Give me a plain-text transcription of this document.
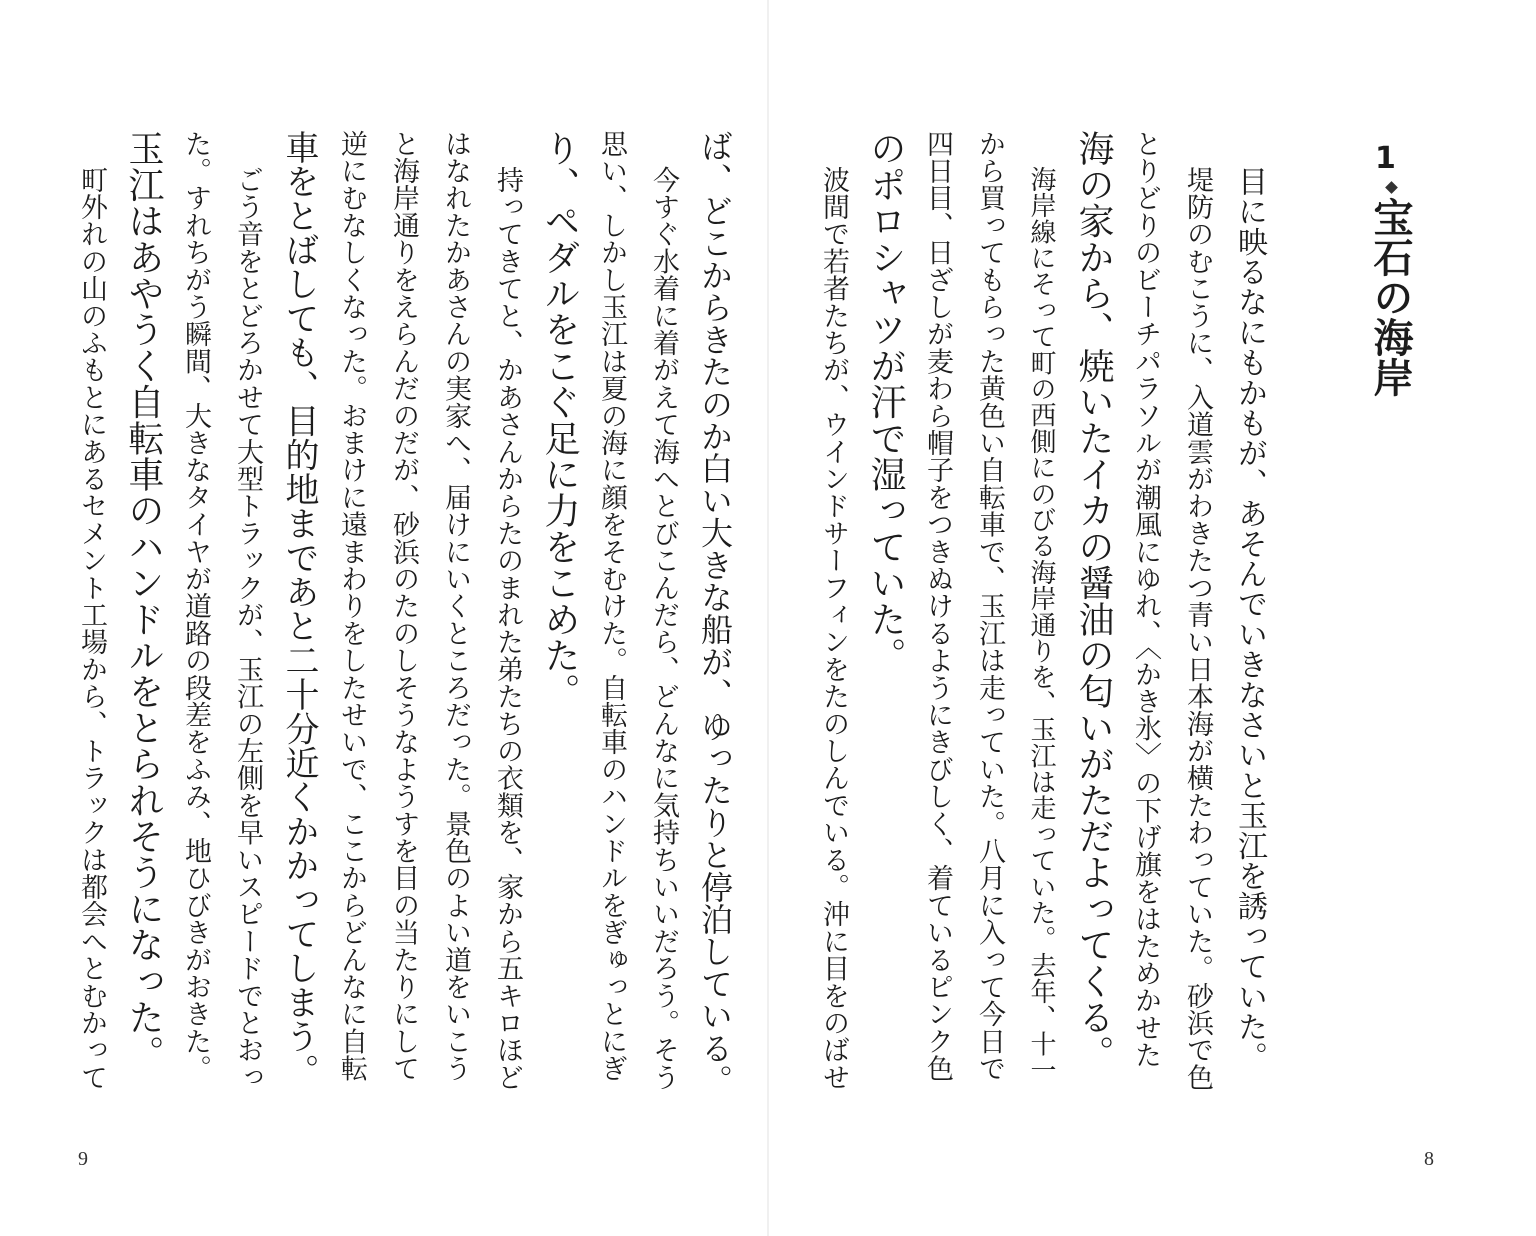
目に映るなにもかもが、あそんでいきなさいと玉江を誘っていた。
堤防のむこうに、入道雲がわきたつ青い日本海が横たわっていた。砂浜で色
とりどりのビーチパラソルが潮風にゆれ、〈かき氷〉の下げ旗をはためかせた
海の家から、焼いたイカの醤油の匂いがただよってくる。
海岸線にそって町の西側にのびる海岸通りを、玉江は走っていた。去年、十一
から買ってもらった黄色い自転車で、玉江は走っていた。八月に入って今日で
四日目、日ざしが麦わら帽子をつきぬけるようにきびしく、着ているピンク色
のポロシャツが汗で湿っていた。
波間で若者たちが、ウインドサーフィンをたのしんでいる。沖に目をのばせ
8
1
宝石の海岸
ば、どこからきたのか白い大きな船が、ゆったりと停泊している。
今すぐ水着に着がえて海へとびこんだら、どんなに気持ちいいだろう。そう
思い、しかし玉江は夏の海に顔をそむけた。自転車のハンドルをぎゅっとにぎ
り、ペダルをこぐ足に力をこめた。
持ってきてと、かあさんからたのまれた弟たちの衣類を、家から五キロほど
はなれたかあさんの実家へ、届けにいくところだった。景色のよい道をいこう
と海岸通りをえらんだのだが、砂浜のたのしそうなようすを目の当たりにして
逆にむなしくなった。おまけに遠まわりをしたせいで、ここからどんなに自転
車をとばしても、目的地まであと二十分近くかかってしまう。
ごう音をとどろかせて大型トラックが、玉江の左側を早いスピードでとおっ
た。すれちがう瞬間、大きなタイヤが道路の段差をふみ、地ひびきがおきた。
玉江はあやうく自転車のハンドルをとられそうになった。
町外れの山のふもとにあるセメント工場から、トラックは都会へとむかって
9
